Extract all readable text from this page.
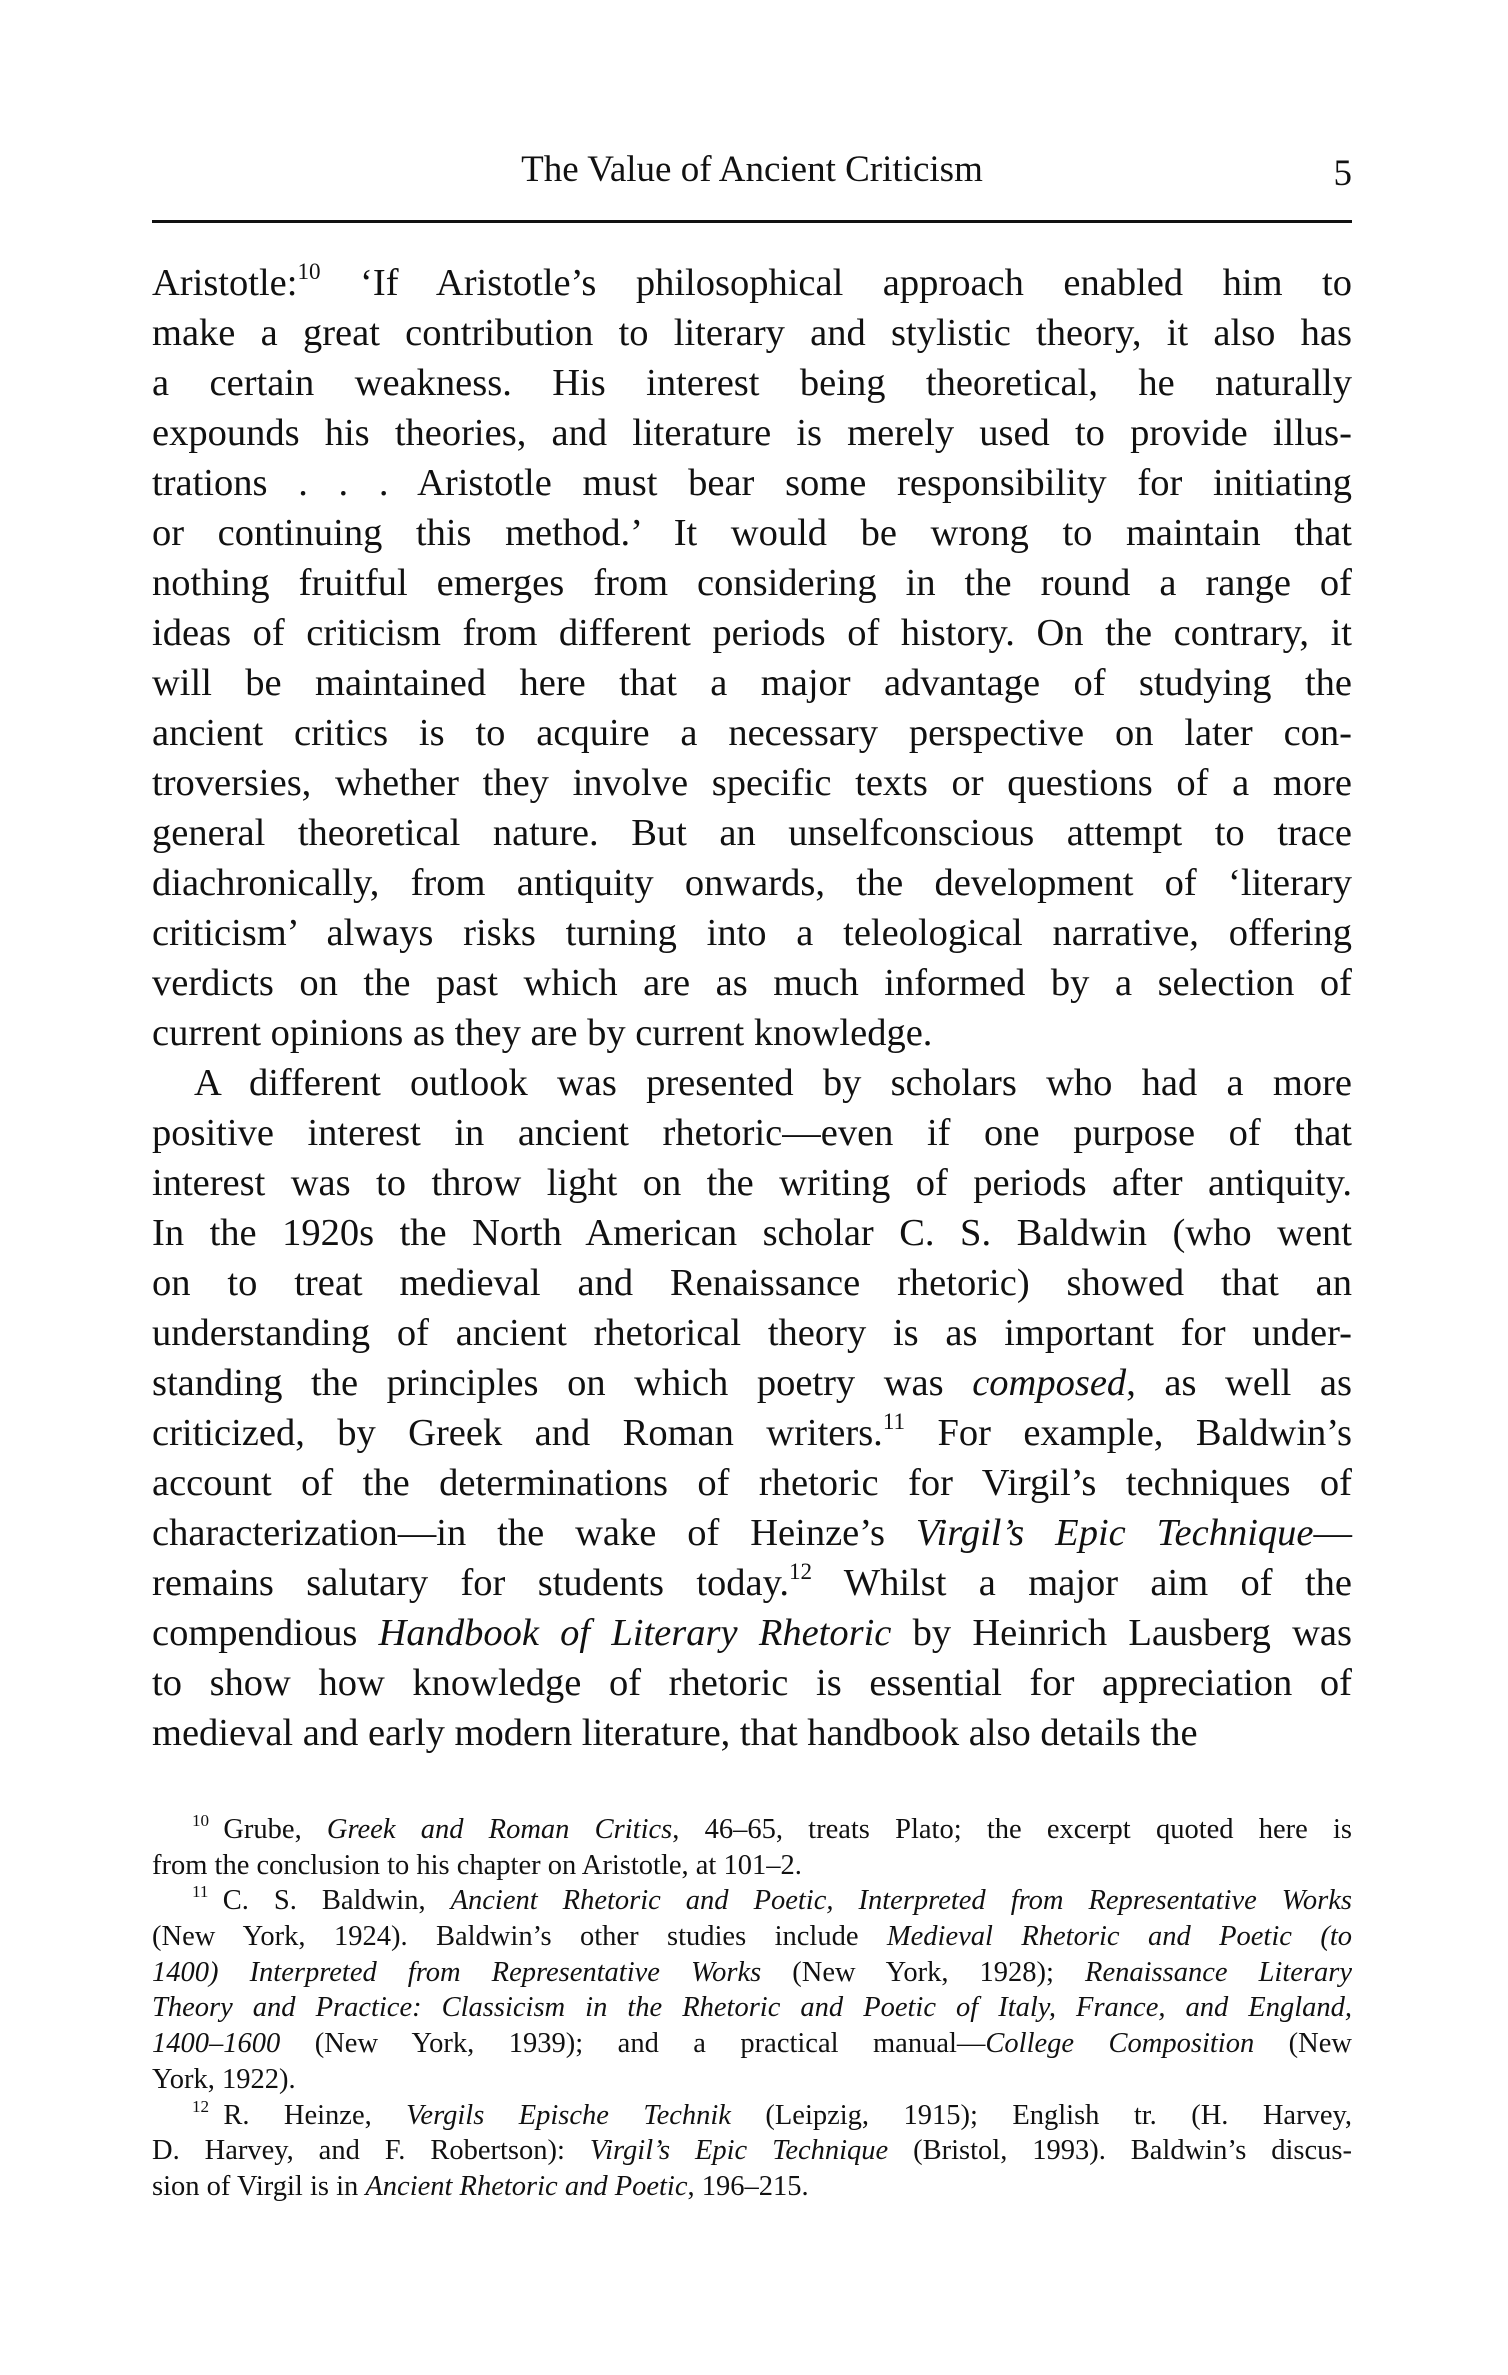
The Value of Ancient Criticism	5
Aristotle:$^{10}$ ‘If Aristotle’s philosophical approach enabled him to
make a great contribution to literary and stylistic theory, it also has
a certain weakness. His interest being theoretical, he naturally
expounds his theories, and literature is merely used to provide illus-
trations . . . Aristotle must bear some responsibility for initiating
or continuing this method.’ It would be wrong to maintain that
nothing fruitful emerges from considering in the round a range of
ideas of criticism from different periods of history. On the contrary, it
will be maintained here that a major advantage of studying the
ancient critics is to acquire a necessary perspective on later con-
troversies, whether they involve specific texts or questions of a more
general theoretical nature. But an unselfconscious attempt to trace
diachronically, from antiquity onwards, the development of ‘literary
criticism’ always risks turning into a teleological narrative, offering
verdicts on the past which are as much informed by a selection of
current opinions as they are by current knowledge.
A different outlook was presented by scholars who had a more
positive interest in ancient rhetoric—even if one purpose of that
interest was to throw light on the writing of periods after antiquity.
In the 1920s the North American scholar C. S. Baldwin (who went
on to treat medieval and Renaissance rhetoric) showed that an
understanding of ancient rhetorical theory is as important for under-
standing the principles on which poetry was composed, as well as
criticized, by Greek and Roman writers.$^{11}$ For example, Baldwin’s
account of the determinations of rhetoric for Virgil’s techniques of
characterization—in the wake of Heinze’s Virgil’s Epic Technique—
remains salutary for students today.$^{12}$ Whilst a major aim of the
compendious Handbook of Literary Rhetoric by Heinrich Lausberg was
to show how knowledge of rhetoric is essential for appreciation of
medieval and early modern literature, that handbook also details the
$^{10}$  Grube, Greek and Roman Critics, 46–65, treats Plato; the excerpt quoted here is
from the conclusion to his chapter on Aristotle, at 101–2.
$^{11}$  C. S. Baldwin, Ancient Rhetoric and Poetic, Interpreted from Representative Works
(New York, 1924). Baldwin’s other studies include Medieval Rhetoric and Poetic (to
1400) Interpreted from Representative Works (New York, 1928); Renaissance Literary
Theory and Practice: Classicism in the Rhetoric and Poetic of Italy, France, and England,
1400–1600 (New York, 1939); and a practical manual—College Composition (New
York, 1922).
$^{12}$  R. Heinze, Vergils Epische Technik (Leipzig, 1915); English tr. (H. Harvey,
D. Harvey, and F. Robertson): Virgil’s Epic Technique (Bristol, 1993). Baldwin’s discus-
sion of Virgil is in Ancient Rhetoric and Poetic, 196–215.
